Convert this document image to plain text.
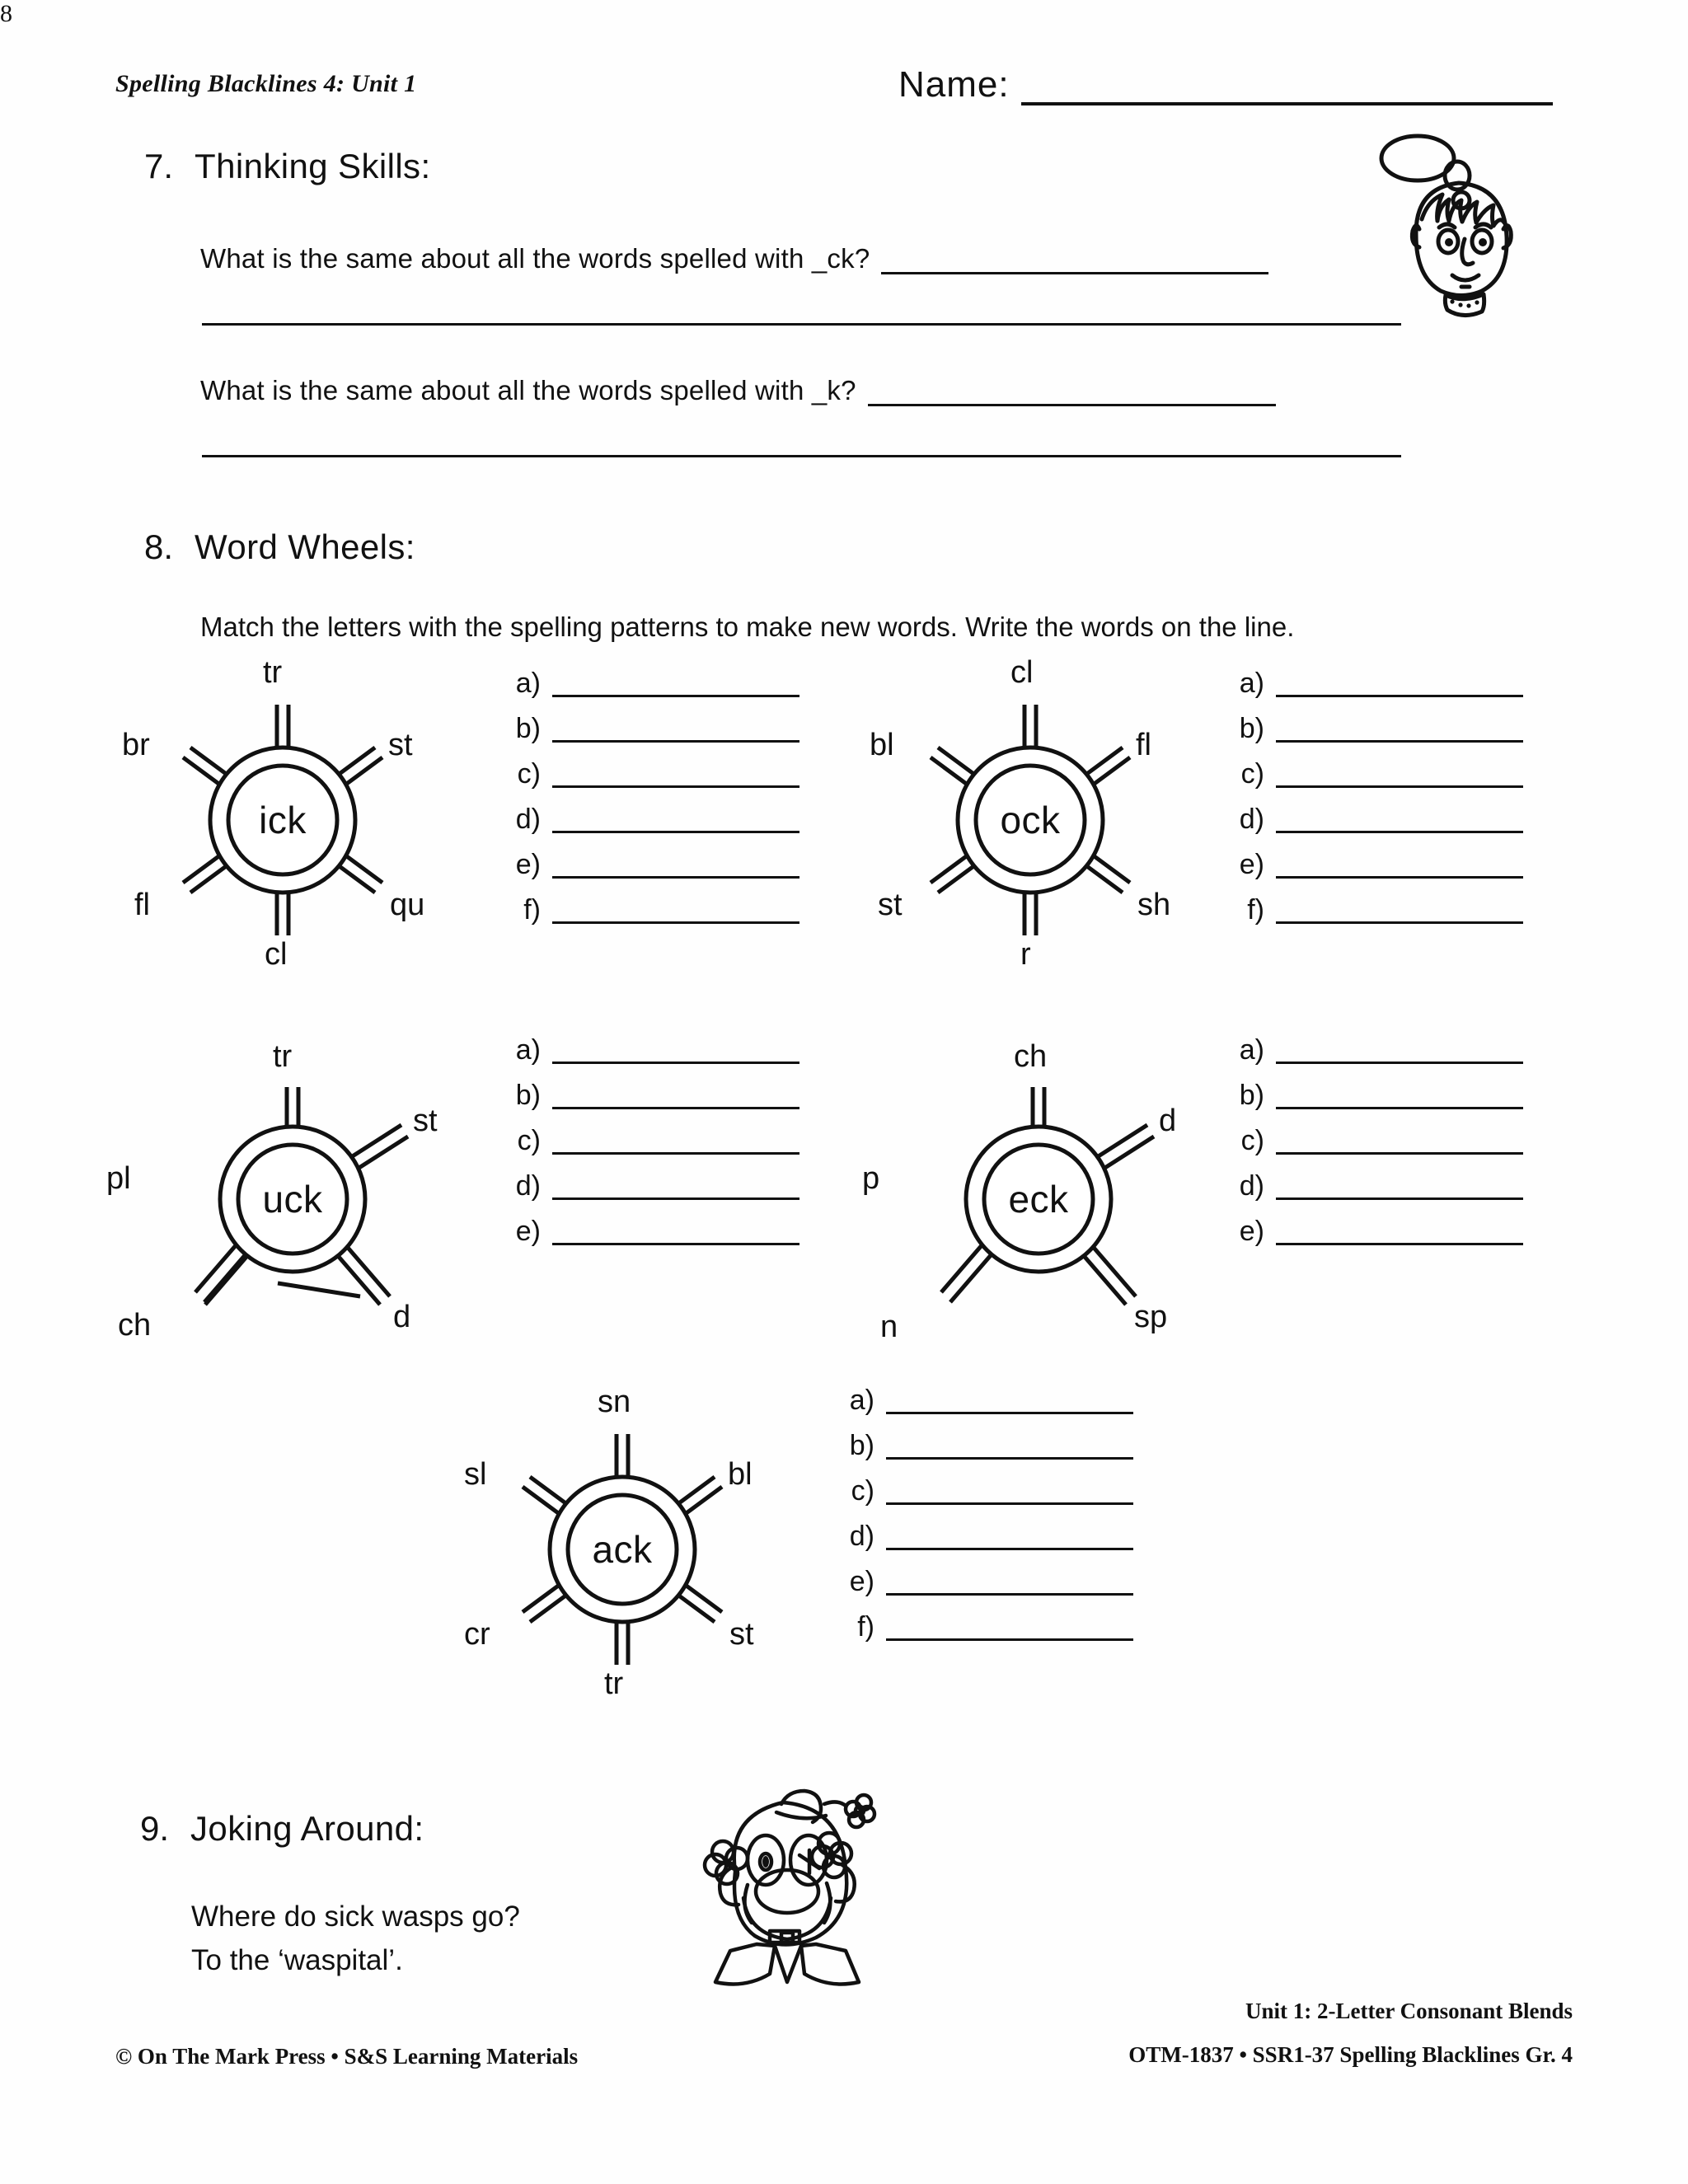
Spelling Blacklines 4: Unit 1	Name:
7. Thinking Skills:
What is the same about all the words spelled with _ck?
What is the same about all the words spelled with _k?
8. Word Wheels:
Match the letters with the spelling patterns to make new words. Write the words on the line.
ick
tr
st
qu
cl
fl
br
a)
b)
c)
d)
e)
f)
ock
cl
fl
sh
r
st
bl
a)
b)
c)
d)
e)
f)
uck
tr
st
d
ch
pl
a)
b)
c)
d)
e)
eck
ch
d
sp
n
p
a)
b)
c)
d)
e)
ack
sn
bl
st
tr
cr
sl
a)
b)
c)
d)
e)
f)
9. Joking Around:
Where do sick wasps go?
To the ‘waspital’.
© On The Mark Press • S&S Learning Materials
8
Unit 1: 2-Letter Consonant Blends
OTM-1837 • SSR1-37 Spelling Blacklines Gr. 4
